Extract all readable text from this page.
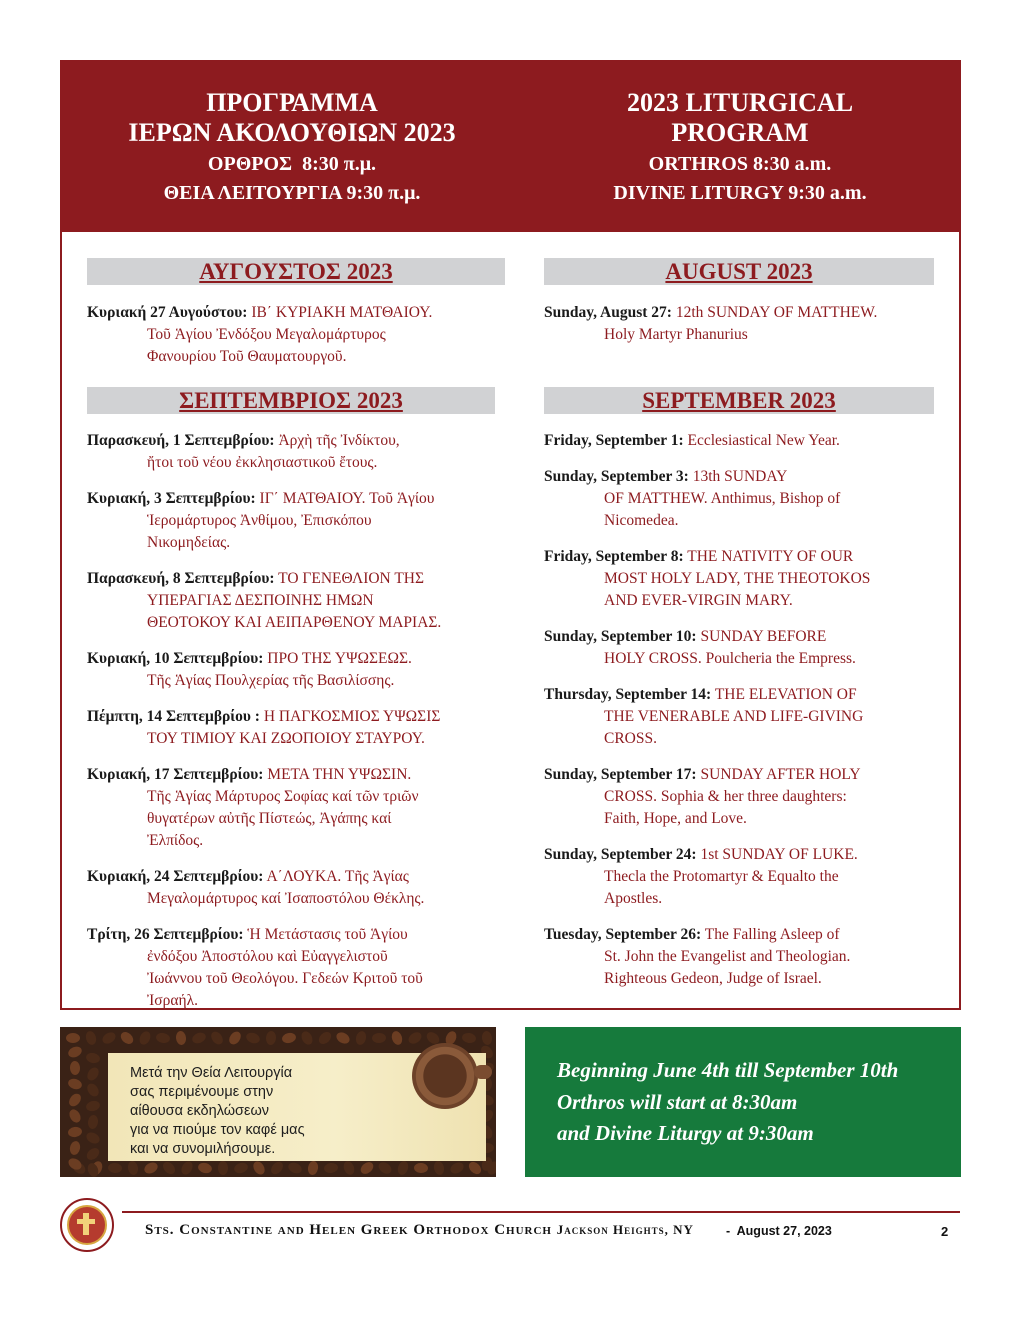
ΠΡΟΓΡΑΜΜΑ
ΙΕΡΩΝ ΑΚΟΛΟΥΘΙΩΝ 2023
ΟΡΘΡΟΣ  8:30 π.μ.
ΘΕΙΑ ΛΕΙΤΟΥΡΓΙΑ 9:30 π.μ.
2023 LITURGICAL
PROGRAM
ORTHROS 8:30 a.m.
DIVINE LITURGY 9:30 a.m.
ΑΥΓΟΥΣΤΟΣ 2023
Κυριακή 27 Αυγούστου: ΙΒ΄ ΚΥΡΙΑΚΗ ΜΑΤΘΑΙΟΥ.
Τοῦ Ἁγίου Ἐνδόξου Μεγαλομάρτυρος
Φανουρίου Τοῦ Θαυματουργοῦ.
ΣΕΠΤΕΜΒΡΙΟΣ 2023
Παρασκευή, 1 Σεπτεμβρίου: Ἀρχὴ τῆς Ἰνδίκτου,
ἤτοι τοῦ νέου ἐκκλησιαστικοῦ ἔτους.
Κυριακή, 3 Σεπτεμβρίου: ΙΓ΄ ΜΑΤΘΑΙΟΥ. Τοῦ Ἁγίου
Ἱερομάρτυρος Ἀνθίμου, Ἐπισκόπου
Νικομηδείας.
Παρασκευή, 8 Σεπτεμβρίου: ΤΟ ΓΕΝΕΘΛΙΟΝ ΤΗΣ
ΥΠΕΡΑΓΙΑΣ ΔΕΣΠΟΙΝΗΣ ΗΜΩΝ
ΘΕΟΤΟΚΟΥ ΚΑΙ ΑΕΙΠΑΡΘΕΝΟΥ ΜΑΡΙΑΣ.
Κυριακή, 10 Σεπτεμβρίου: ΠΡΟ ΤΗΣ ΥΨΩΣΕΩΣ.
Τῆς Ἁγίας Πουλχερίας τῆς Βασιλίσσης.
Πέμπτη, 14 Σεπτεμβρίου : Η ΠΑΓΚΟΣΜΙΟΣ ΥΨΩΣΙΣ
ΤΟΥ ΤΙΜΙΟΥ ΚΑΙ ΖΩΟΠΟΙΟΥ ΣΤΑΥΡΟΥ.
Κυριακή, 17 Σεπτεμβρίου: ΜΕΤΑ ΤΗΝ ΥΨΩΣΙΝ.
Τῆς Ἁγίας Μάρτυρος Σοφίας καί τῶν τριῶν
θυγατέρων αὐτῆς Πίστεώς, Ἀγάπης καί
Ἐλπίδος.
Κυριακή, 24 Σεπτεμβρίου: Α΄ΛΟΥΚΑ. Τῆς Ἁγίας
Μεγαλομάρτυρος καί Ἰσαποστόλου Θέκλης.
Τρίτη, 26 Σεπτεμβρίου: Ἡ Μετάστασις τοῦ Ἁγίου
ἐνδόξου Ἀποστόλου καὶ Εὐαγγελιστοῦ
Ἰωάννου τοῦ Θεολόγου. Γεδεών Κριτοῦ τοῦ
Ἰσραήλ.
AUGUST 2023
Sunday, August 27: 12th SUNDAY OF MATTHEW.
Holy Martyr Phanurius
SEPTEMBER 2023
Friday, September 1: Ecclesiastical New Year.
Sunday, September 3: 13th SUNDAY
OF MATTHEW. Anthimus, Bishop of
Nicomedea.
Friday, September 8: THE NATIVITY OF OUR
MOST HOLY LADY, THE THEOTOKOS
AND EVER-VIRGIN MARY.
Sunday, September 10: SUNDAY BEFORE
HOLY CROSS. Poulcheria the Empress.
Thursday, September 14: THE ELEVATION OF
THE VENERABLE AND LIFE-GIVING
CROSS.
Sunday, September 17: SUNDAY AFTER HOLY
CROSS. Sophia & her three daughters:
Faith, Hope, and Love.
Sunday, September 24: 1st SUNDAY OF LUKE.
Thecla the Protomartyr & Equalto the
Apostles.
Tuesday, September 26: The Falling Asleep of
St. John the Evangelist and Theologian.
Righteous Gedeon, Judge of Israel.
Μετά την Θεία Λειτουργία
σας περιμένουμε στην
αίθουσα εκδηλώσεων
για να πιούμε τον καφέ μας
και να συνομιλήσουμε.
Beginning June 4th till September 10th
Orthros will start at 8:30am
and Divine Liturgy at 9:30am
Sts. Constantine and Helen Greek Orthodox Church Jackson Heights, NY	-  August 27, 2023	2
